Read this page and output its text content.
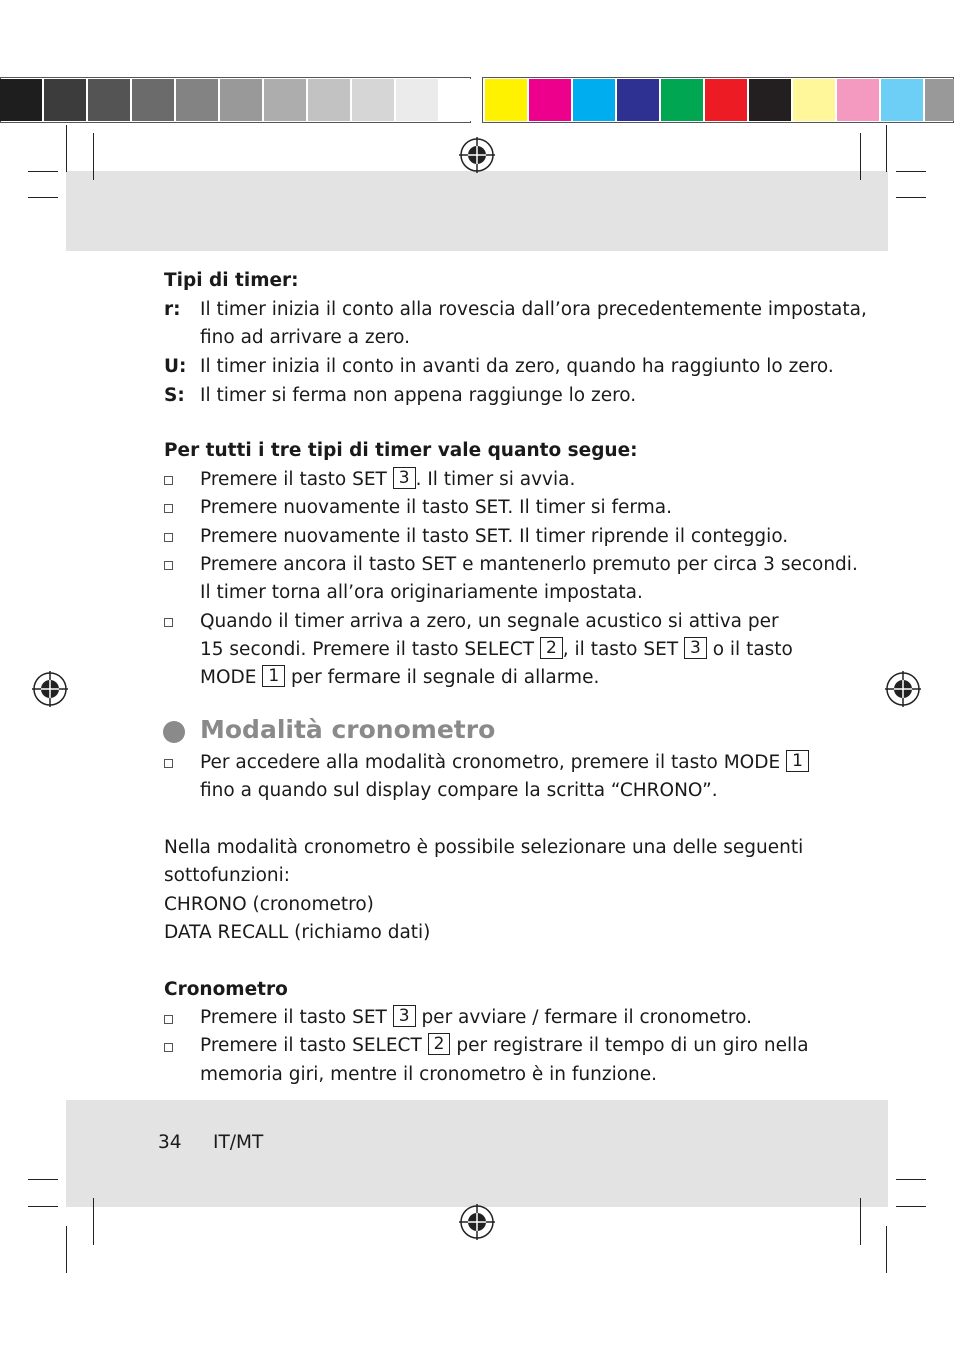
Tipi di timer:
r: Il timer inizia il conto alla rovescia dall’ora precedentemente impostata,
fino ad arrivare a zero.
U: Il timer inizia il conto in avanti da zero, quando ha raggiunto lo zero.
S: Il timer si ferma non appena raggiunge lo zero.
Per tutti i tre tipi di timer vale quanto segue:
Premere il tasto SET 3 . Il timer si avvia.
Premere nuovamente il tasto SET. Il timer si ferma.
Premere nuovamente il tasto SET. Il timer riprende il conteggio.
Premere ancora il tasto SET e mantenerlo premuto per circa 3 secondi.
Il timer torna all’ora originariamente impostata.
Quando il timer arriva a zero, un segnale acustico si attiva per
15 secondi. Premere il tasto SELECT 2 , il tasto SET 3 o il tasto
MODE 1 per fermare il segnale di allarme.
Modalità cronometro
Per accedere alla modalità cronometro, premere il tasto MODE 1
fino a quando sul display compare la scritta “CHRONO”.
Nella modalità cronometro è possibile selezionare una delle seguenti
sottofunzioni:
CHRONO (cronometro)
DATA RECALL (richiamo dati)
Cronometro
Premere il tasto SET 3 per avviare / fermare il cronometro.
Premere il tasto SELECT 2 per registrare il tempo di un giro nella
memoria giri, mentre il cronometro è in funzione.
34 IT/MT
